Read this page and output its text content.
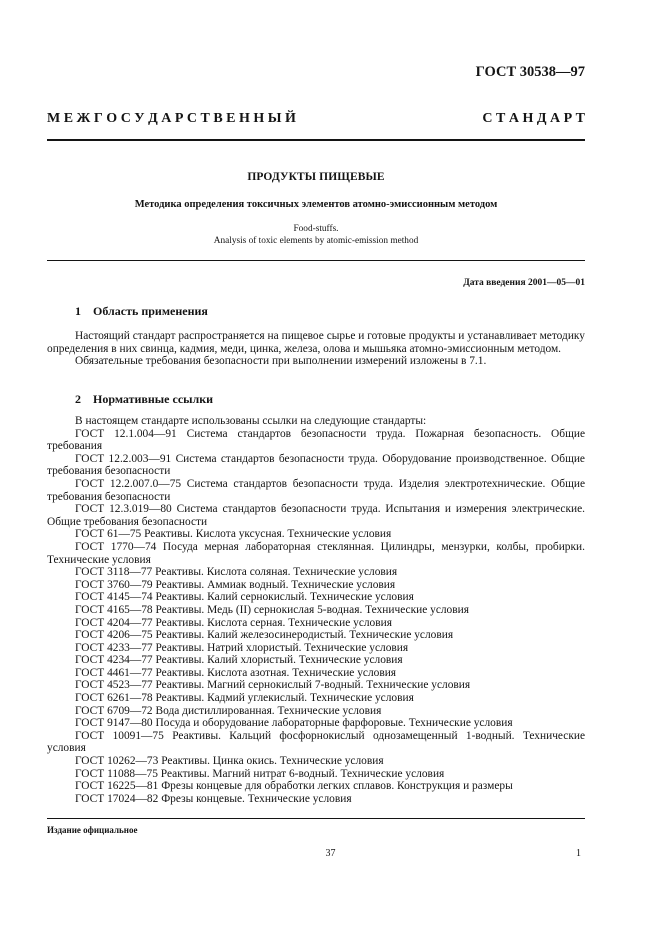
ГОСТ 30538—97
М Е Ж Г О С У Д А Р С Т В Е Н Н Ы Й	С Т А Н Д А Р Т
ПРОДУКТЫ ПИЩЕВЫЕ
Методика определения токсичных элементов атомно-эмиссионным методом
Food-stuffs.
Analysis of toxic elements by atomic-emission method
Дата введения 2001—05—01
1 Область применения

Настоящий стандарт распространяется на пищевое сырье и готовые продукты и устанавливает методику определения в них свинца, кадмия, меди, цинка, железа, олова и мышьяка атомно-эмиссионным методом.

Обязательные требования безопасности при выполнении измерений изложены в 7.1.

2 Нормативные ссылки

В настоящем стандарте использованы ссылки на следующие стандарты:

ГОСТ 12.1.004—91 Система стандартов безопасности труда. Пожарная безопасность. Общие требования

ГОСТ 12.2.003—91 Система стандартов безопасности труда. Оборудование производственное. Общие требования безопасности

ГОСТ 12.2.007.0—75 Система стандартов безопасности труда. Изделия электротехнические. Общие требования безопасности

ГОСТ 12.3.019—80 Система стандартов безопасности труда. Испытания и измерения электрические. Общие требования безопасности

ГОСТ 61—75 Реактивы. Кислота уксусная. Технические условия

ГОСТ 1770—74 Посуда мерная лабораторная стеклянная. Цилиндры, мензурки, колбы, пробирки. Технические условия

ГОСТ 3118—77 Реактивы. Кислота соляная. Технические условия

ГОСТ 3760—79 Реактивы. Аммиак водный. Технические условия

ГОСТ 4145—74 Реактивы. Калий сернокислый. Технические условия

ГОСТ 4165—78 Реактивы. Медь (II) сернокислая 5-водная. Технические условия

ГОСТ 4204—77 Реактивы. Кислота серная. Технические условия

ГОСТ 4206—75 Реактивы. Калий железосинеродистый. Технические условия

ГОСТ 4233—77 Реактивы. Натрий хлористый. Технические условия

ГОСТ 4234—77 Реактивы. Калий хлористый. Технические условия

ГОСТ 4461—77 Реактивы. Кислота азотная. Технические условия

ГОСТ 4523—77 Реактивы. Магний сернокислый 7-водный. Технические условия

ГОСТ 6261—78 Реактивы. Кадмий углекислый. Технические условия

ГОСТ 6709—72 Вода дистиллированная. Технические условия

ГОСТ 9147—80 Посуда и оборудование лабораторные фарфоровые. Технические условия

ГОСТ 10091—75 Реактивы. Кальций фосфорнокислый однозамещенный 1-водный. Технические условия

ГОСТ 10262—73 Реактивы. Цинка окись. Технические условия

ГОСТ 11088—75 Реактивы. Магний нитрат 6-водный. Технические условия

ГОСТ 16225—81 Фрезы концевые для обработки легких сплавов. Конструкция и размеры

ГОСТ 17024—82 Фрезы концевые. Технические условия

Издание официальное
37	1
